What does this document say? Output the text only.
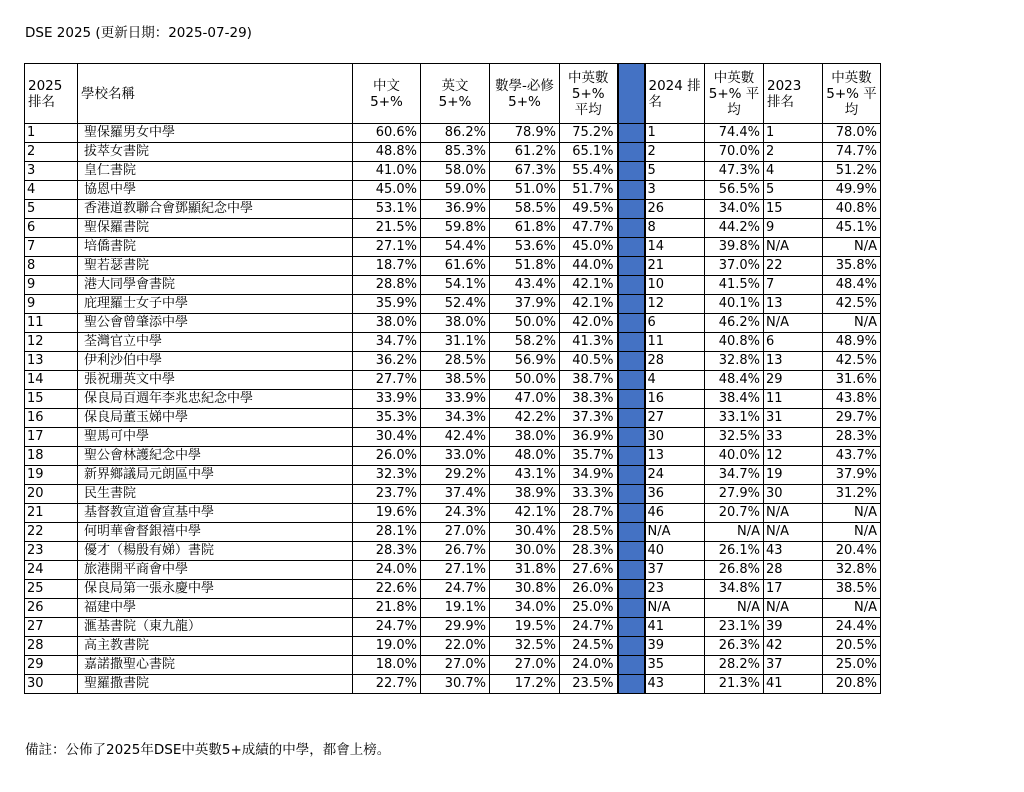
DSE 2025 (更新日期：2025-07-29)
2025 排名	學校名稱	中文 5+%	英文 5+%	數學-必修 5+%	中英數 5+% 平均		2024 排名	中英數 5+% 平均	2023 排名	中英數 5+% 平均
1	聖保羅男女中學	60.6%	86.2%	78.9%	75.2%		1	74.4%	1	78.0%
2	拔萃女書院	48.8%	85.3%	61.2%	65.1%		2	70.0%	2	74.7%
3	皇仁書院	41.0%	58.0%	67.3%	55.4%		5	47.3%	4	51.2%
4	協恩中學	45.0%	59.0%	51.0%	51.7%		3	56.5%	5	49.9%
5	香港道教聯合會鄧顯紀念中學	53.1%	36.9%	58.5%	49.5%		26	34.0%	15	40.8%
6	聖保羅書院	21.5%	59.8%	61.8%	47.7%		8	44.2%	9	45.1%
7	培僑書院	27.1%	54.4%	53.6%	45.0%		14	39.8%	N/A	N/A
8	聖若瑟書院	18.7%	61.6%	51.8%	44.0%		21	37.0%	22	35.8%
9	港大同學會書院	28.8%	54.1%	43.4%	42.1%		10	41.5%	7	48.4%
9	庇理羅士女子中學	35.9%	52.4%	37.9%	42.1%		12	40.1%	13	42.5%
11	聖公會曾肇添中學	38.0%	38.0%	50.0%	42.0%		6	46.2%	N/A	N/A
12	荃灣官立中學	34.7%	31.1%	58.2%	41.3%		11	40.8%	6	48.9%
13	伊利沙伯中學	36.2%	28.5%	56.9%	40.5%		28	32.8%	13	42.5%
14	張祝珊英文中學	27.7%	38.5%	50.0%	38.7%		4	48.4%	29	31.6%
15	保良局百週年李兆忠紀念中學	33.9%	33.9%	47.0%	38.3%		16	38.4%	11	43.8%
16	保良局董玉娣中學	35.3%	34.3%	42.2%	37.3%		27	33.1%	31	29.7%
17	聖馬可中學	30.4%	42.4%	38.0%	36.9%		30	32.5%	33	28.3%
18	聖公會林護紀念中學	26.0%	33.0%	48.0%	35.7%		13	40.0%	12	43.7%
19	新界鄉議局元朗區中學	32.3%	29.2%	43.1%	34.9%		24	34.7%	19	37.9%
20	民生書院	23.7%	37.4%	38.9%	33.3%		36	27.9%	30	31.2%
21	基督教宣道會宣基中學	19.6%	24.3%	42.1%	28.7%		46	20.7%	N/A	N/A
22	何明華會督銀禧中學	28.1%	27.0%	30.4%	28.5%		N/A	N/A	N/A	N/A
23	優才（楊殷有娣）書院	28.3%	26.7%	30.0%	28.3%		40	26.1%	43	20.4%
24	旅港開平商會中學	24.0%	27.1%	31.8%	27.6%		37	26.8%	28	32.8%
25	保良局第一張永慶中學	22.6%	24.7%	30.8%	26.0%		23	34.8%	17	38.5%
26	福建中學	21.8%	19.1%	34.0%	25.0%		N/A	N/A	N/A	N/A
27	滙基書院（東九龍）	24.7%	29.9%	19.5%	24.7%		41	23.1%	39	24.4%
28	高主教書院	19.0%	22.0%	32.5%	24.5%		39	26.3%	42	20.5%
29	嘉諾撒聖心書院	18.0%	27.0%	27.0%	24.0%		35	28.2%	37	25.0%
30	聖羅撒書院	22.7%	30.7%	17.2%	23.5%		43	21.3%	41	20.8%
備註：公佈了2025年DSE中英數5+成績的中學，都會上榜。
